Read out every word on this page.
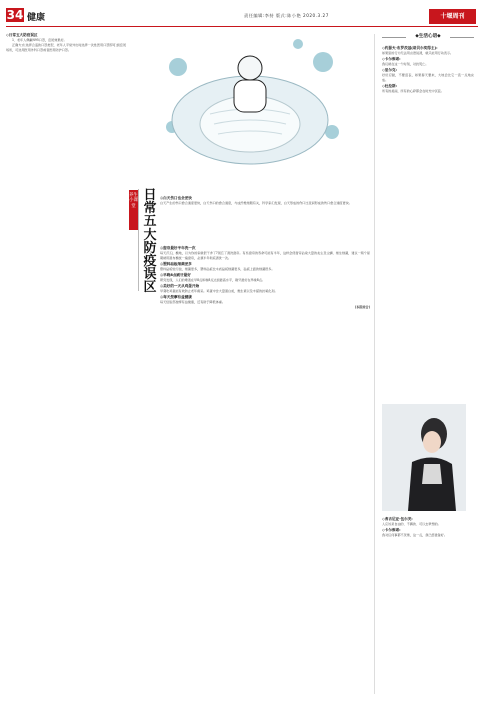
34 健康	责任编辑:李持 版式:陈小艳 2020.3.27	十堰周刊
养生小课堂
日常五大防疫误区
◇日常五大防疫误区

1．老年人佩戴N95口罩，密闭效果好。

正确方式:选择合适的口罩类型，老年人平常外出时选择一次性医用口罩即可;到密闭场所，可选用医用外科口罩或者医用防护口罩。

◎白天伤口也会更快
白天产生的伤口愈合速度更快，白天伤口的愈合速度，与成纤维细胞有关，科学家们发现，白天形成的伤口比夜间形成的伤口愈合速度更快。
◎窗帘最好半年洗一次
每天打扫，擦地，以为你的家就很干净了?别忘了清洗窗帘。有些窗帘的寿命可能有半年，这样会使窗帘沾染大量的灰尘及尘螨、细生细菌，建议一两个星期就用湿布擦拭一遍窗帘，必须半年彻底清洗一次。
◎塑料砧板细菌更多
塑料砧板较污浊，细菌更多，塑料砧板比木质砧板细菌更多，砧板上面的细菌很多。
◎早晚8点刷牙最好
研究发现，人们的唾液在早8点和晚8点达到最高水平，刷牙最好在早晚8点。
◎美好的一天从鸡蛋开始
早餐吃鸡蛋能有效防止老年痴呆。鸡蛋中含大量蛋白质，维生素以及丰富的抗氧化剂。
◎每天按摩有益健康
每天给脸部按摩有益健康，还有助于降低体重。
(本报综合)
◆生活心语◆
◇约瑟夫·布罗茨基(诺贝尔奖得主):
如果爱的行为无法用言语说清，就只能用行动表示。
◇卡尔维诺:
我们就在这一个时刻，对抗死亡。
◇里尔克:
好好忍耐，不要沮丧，如果春天要来，大地会比它一直一点地完成。
◇杜拉斯:
所有的美丽，所有的心碎都会在时光中沉淀。
◇弗吉尼亚·伍尔芙:
人应该是自由的、不羁的、可以去梦想的。
◇卡尔维诺:
我对任何事都不厌倦，这一点，我已经准备好。
